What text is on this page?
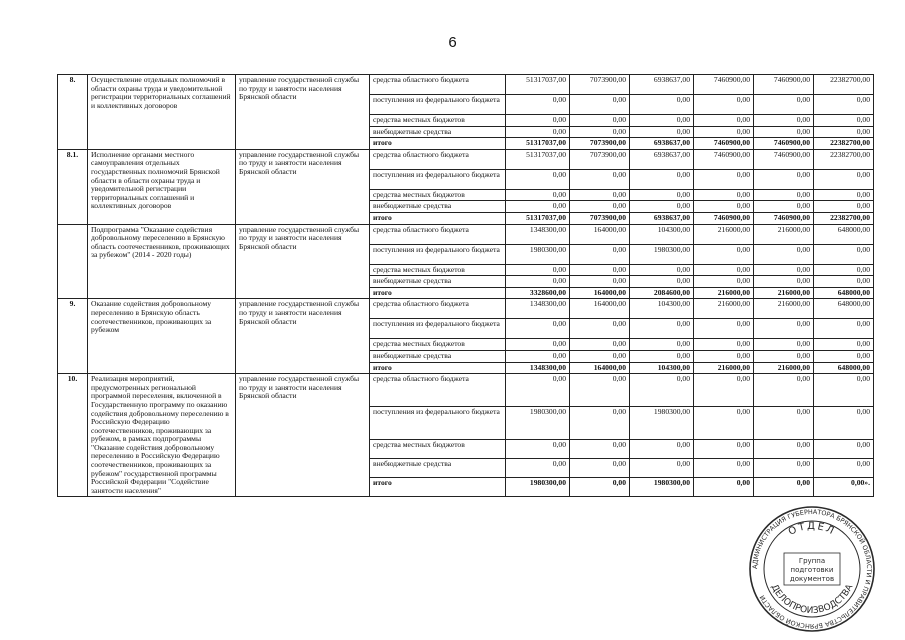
6
8.	Осуществление отдельных полномочий в области охраны труда и уведомительной регистрации территориальных соглашений и коллективных договоров	управление государственной службы по труду и занятости населения Брянской области	средства областного бюджета	51317037,00	7073900,00	6938637,00	7460900,00	7460900,00	22382700,00
			поступления из федерального бюджета	0,00	0,00	0,00	0,00	0,00	0,00
			средства местных бюджетов	0,00	0,00	0,00	0,00	0,00	0,00
			внебюджетные средства	0,00	0,00	0,00	0,00	0,00	0,00
			итого	51317037,00	7073900,00	6938637,00	7460900,00	7460900,00	22382700,00
8.1.	Исполнение органами местного самоуправления отдельных государственных полномочий Брянской области в области охраны труда и уведомительной регистрации территориальных соглашений и коллективных договоров	управление государственной службы по труду и занятости населения Брянской области	средства областного бюджета	51317037,00	7073900,00	6938637,00	7460900,00	7460900,00	22382700,00
			поступления из федерального бюджета	0,00	0,00	0,00	0,00	0,00	0,00
			средства местных бюджетов	0,00	0,00	0,00	0,00	0,00	0,00
			внебюджетные средства	0,00	0,00	0,00	0,00	0,00	0,00
			итого	51317037,00	7073900,00	6938637,00	7460900,00	7460900,00	22382700,00
	Подпрограмма "Оказание содействия добровольному переселению в Брянскую область соотечественников, проживающих за рубежом" (2014 - 2020 годы)	управление государственной службы по труду и занятости населения Брянской области	средства областного бюджета	1348300,00	164000,00	104300,00	216000,00	216000,00	648000,00
			поступления из федерального бюджета	1980300,00	0,00	1980300,00	0,00	0,00	0,00
			средства местных бюджетов	0,00	0,00	0,00	0,00	0,00	0,00
			внебюджетные средства	0,00	0,00	0,00	0,00	0,00	0,00
			итого	3328600,00	164000,00	2084600,00	216000,00	216000,00	648000,00
9.	Оказание содействия добровольному переселению в Брянскую область соотечественников, проживающих за рубежом	управление государственной службы по труду и занятости населения Брянской области	средства областного бюджета	1348300,00	164000,00	104300,00	216000,00	216000,00	648000,00
			поступления из федерального бюджета	0,00	0,00	0,00	0,00	0,00	0,00
			средства местных бюджетов	0,00	0,00	0,00	0,00	0,00	0,00
			внебюджетные средства	0,00	0,00	0,00	0,00	0,00	0,00
			итого	1348300,00	164000,00	104300,00	216000,00	216000,00	648000,00
10.	Реализация мероприятий, предусмотренных региональной программой переселения, включенной в Государственную программу по оказанию содействия добровольному переселению в Российскую Федерацию соотечественников, проживающих за рубежом, в рамках подпрограммы "Оказание содействия добровольному переселению в Российскую Федерацию соотечественников, проживающих за рубежом" государственной программы Российской Федерации "Содействие занятости населения"	управление государственной службы по труду и занятости населения Брянской области	средства областного бюджета	0,00	0,00	0,00	0,00	0,00	0,00
			поступления из федерального бюджета	1980300,00	0,00	1980300,00	0,00	0,00	0,00
			средства местных бюджетов	0,00	0,00	0,00	0,00	0,00	0,00
			внебюджетные средства	0,00	0,00	0,00	0,00	0,00	0,00
			итого	1980300,00	0,00	1980300,00	0,00	0,00	0,00».
АДМИНИСТРАЦИЯ ГУБЕРНАТОРА БРЯНСКОЙ ОБЛАСТИ И ПРАВИТЕЛЬСТВА БРЯНСКОЙ ОБЛАСТИ
ОТДЕЛ
ДЕЛОПРОИЗВОДСТВА
Группа
подготовки
документов
